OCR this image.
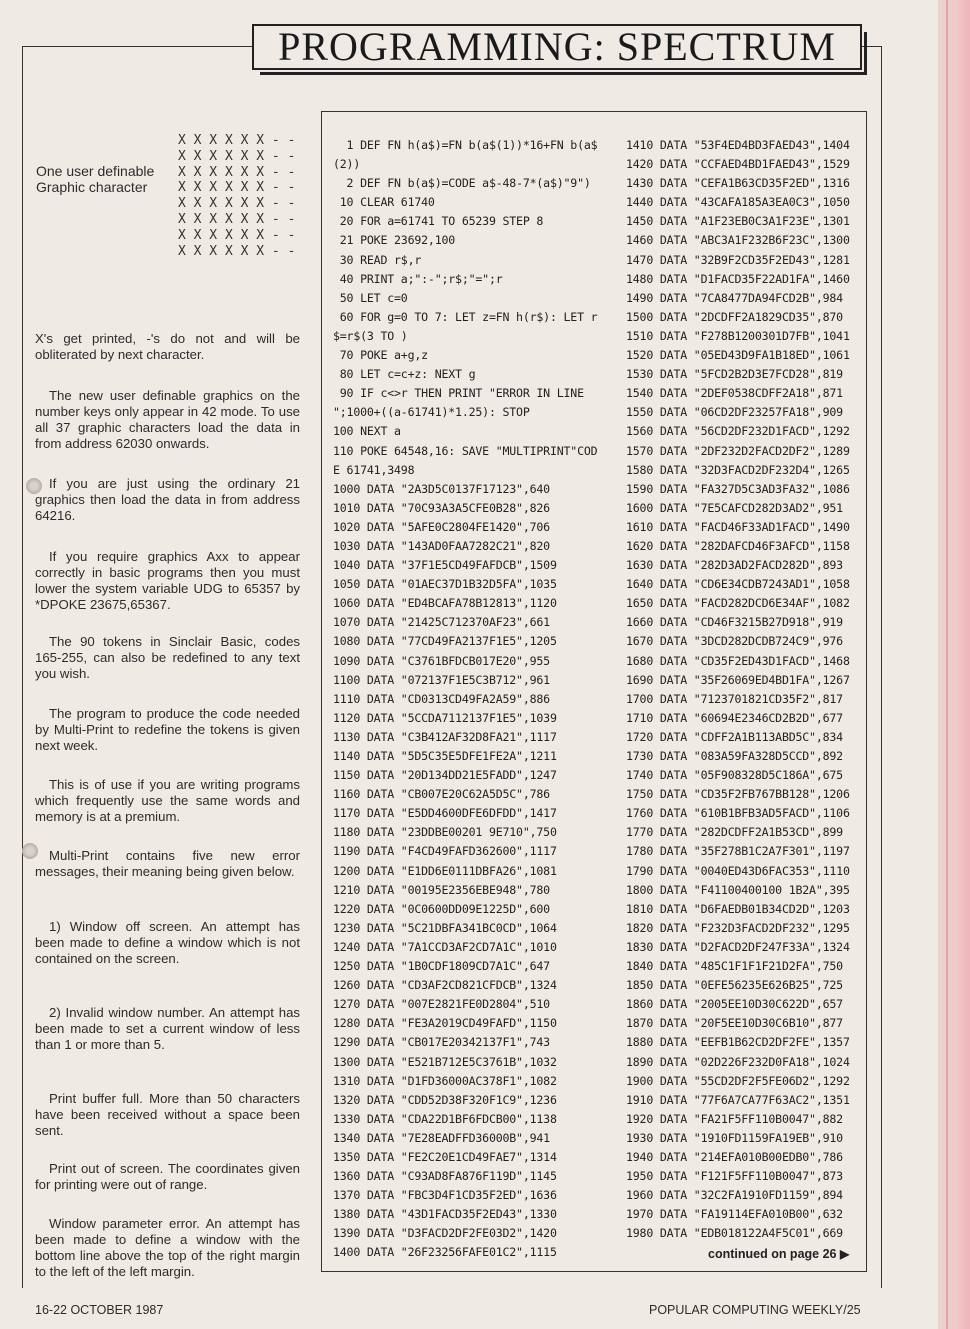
PROGRAMMING: SPECTRUM
X X X X X X - -
X X X X X X - -
X X X X X X - -
X X X X X X - -
X X X X X X - -
X X X X X X - -
X X X X X X - -
X X X X X X - -
One user definable Graphic character
X's get printed, -'s do not and will be obliterated by next character.
The new user definable graphics on the number keys only appear in 42 mode. To use all 37 graphic characters load the data in from address 62030 onwards.
If you are just using the ordinary 21 graphics then load the data in from address 64216.
If you require graphics Axx to appear correctly in basic programs then you must lower the system variable UDG to 65357 by *DPOKE 23675,65367.
The 90 tokens in Sinclair Basic, codes 165-255, can also be redefined to any text you wish.
The program to produce the code needed by Multi-Print to redefine the tokens is given next week.
This is of use if you are writing programs which frequently use the same words and memory is at a premium.
Multi-Print contains five new error messages, their meaning being given below.
1) Window off screen. An attempt has been made to define a window which is not contained on the screen.
2) Invalid window number. An attempt has been made to set a current window of less than 1 or more than 5.
Print buffer full. More than 50 characters have been received without a space been sent.
Print out of screen. The coordinates given for printing were out of range.
Window parameter error. An attempt has been made to define a window with the bottom line above the top of the right margin to the left of the left margin.
1 DEF FN h(a$)=FN b(a$(1))*16+FN b(a$
(2))
2 DEF FN b(a$)=CODE a$-48-7*(a$)"9")
10 CLEAR 61740
20 FOR a=61741 TO 65239 STEP 8
21 POKE 23692,100
30 READ r$,r
40 PRINT a;":-";r$;"=";r
50 LET c=0
60 FOR g=0 TO 7: LET z=FN h(r$): LET r
$=r$(3 TO )
70 POKE a+g,z
80 LET c=c+z: NEXT g
90 IF c<>r THEN PRINT "ERROR IN LINE
";1000+((a-61741)*1.25): STOP
100 NEXT a
110 POKE 64548,16: SAVE "MULTIPRINT"COD
E 61741,3498
1000 DATA "2A3D5C0137F17123",640
1010 DATA "70C93A3A5CFE0B28",826
1020 DATA "5AFE0C2804FE1420",706
1030 DATA "143AD0FAA7282C21",820
1040 DATA "37F1E5CD49FAFDCB",1509
1050 DATA "01AEC37D1B32D5FA",1035
1060 DATA "ED4BCAFA78B12813",1120
1070 DATA "21425C712370AF23",661
1080 DATA "77CD49FA2137F1E5",1205
1090 DATA "C3761BFDCB017E20",955
1100 DATA "072137F1E5C3B712",961
1110 DATA "CD0313CD49FA2A59",886
1120 DATA "5CCDA7112137F1E5",1039
1130 DATA "C3B412AF32D8FA21",1117
1140 DATA "5D5C35E5DFE1FE2A",1211
1150 DATA "20D134DD21E5FADD",1247
1160 DATA "CB007E20C62A5D5C",786
1170 DATA "E5DD4600DFE6DFDD",1417
1180 DATA "23DDBE00201 9E710",750
1190 DATA "F4CD49FAFD362600",1117
1200 DATA "E1DD6E0111DBFA26",1081
1210 DATA "00195E2356EBE948",780
1220 DATA "0C0600DD09E1225D",600
1230 DATA "5C21DBFA341BC0CD",1064
1240 DATA "7A1CCD3AF2CD7A1C",1010
1250 DATA "1B0CDF1809CD7A1C",647
1260 DATA "CD3AF2CD821CFDCB",1324
1270 DATA "007E2821FE0D2804",510
1280 DATA "FE3A2019CD49FAFD",1150
1290 DATA "CB017E20342137F1",743
1300 DATA "E521B712E5C3761B",1032
1310 DATA "D1FD36000AC378F1",1082
1320 DATA "CDD52D38F320F1C9",1236
1330 DATA "CDA22D1BF6FDCB00",1138
1340 DATA "7E28EADFFD36000B",941
1350 DATA "FE2C20E1CD49FAE7",1314
1360 DATA "C93AD8FA876F119D",1145
1370 DATA "FBC3D4F1CD35F2ED",1636
1380 DATA "43D1FACD35F2ED43",1330
1390 DATA "D3FACD2DF2FE03D2",1420
1400 DATA "26F23256FAFE01C2",1115
1410 DATA "53F4ED4BD3FAED43",1404
1420 DATA "CCFAED4BD1FAED43",1529
1430 DATA "CEFA1B63CD35F2ED",1316
1440 DATA "43CAFA185A3EA0C3",1050
1450 DATA "A1F23EB0C3A1F23E",1301
1460 DATA "ABC3A1F232B6F23C",1300
1470 DATA "32B9F2CD35F2ED43",1281
1480 DATA "D1FACD35F22AD1FA",1460
1490 DATA "7CA8477DA94FCD2B",984
1500 DATA "2DCDFF2A1829CD35",870
1510 DATA "F278B1200301D7FB",1041
1520 DATA "05ED43D9FA1B18ED",1061
1530 DATA "5FCD2B2D3E7FCD28",819
1540 DATA "2DEF0538CDFF2A18",871
1550 DATA "06CD2DF23257FA18",909
1560 DATA "56CD2DF232D1FACD",1292
1570 DATA "2DF232D2FACD2DF2",1289
1580 DATA "32D3FACD2DF232D4",1265
1590 DATA "FA327D5C3AD3FA32",1086
1600 DATA "7E5CAFCD282D3AD2",951
1610 DATA "FACD46F33AD1FACD",1490
1620 DATA "282DAFCD46F3AFCD",1158
1630 DATA "282D3AD2FACD282D",893
1640 DATA "CD6E34CDB7243AD1",1058
1650 DATA "FACD282DCD6E34AF",1082
1660 DATA "CD46F3215B27D918",919
1670 DATA "3DCD282DCDB724C9",976
1680 DATA "CD35F2ED43D1FACD",1468
1690 DATA "35F26069ED4BD1FA",1267
1700 DATA "7123701821CD35F2",817
1710 DATA "60694E2346CD2B2D",677
1720 DATA "CDFF2A1B113ABD5C",834
1730 DATA "083A59FA328D5CCD",892
1740 DATA "05F908328D5C186A",675
1750 DATA "CD35F2FB767BB128",1206
1760 DATA "610B1BFB3AD5FACD",1106
1770 DATA "282DCDFF2A1B53CD",899
1780 DATA "35F278B1C2A7F301",1197
1790 DATA "0040ED43D6FAC353",1110
1800 DATA "F41100400100 1B2A",395
1810 DATA "D6FAEDB01B34CD2D",1203
1820 DATA "F232D3FACD2DF232",1295
1830 DATA "D2FACD2DF247F33A",1324
1840 DATA "485C1F1F1F21D2FA",750
1850 DATA "0EFE56235E626B25",725
1860 DATA "2005EE10D30C622D",657
1870 DATA "20F5EE10D30C6B10",877
1880 DATA "EEFB1B62CD2DF2FE",1357
1890 DATA "02D226F232D0FA18",1024
1900 DATA "55CD2DF2F5FE06D2",1292
1910 DATA "77F6A7CA77F63AC2",1351
1920 DATA "FA21F5FF110B0047",882
1930 DATA "1910FD1159FA19EB",910
1940 DATA "214EFA010B00EDB0",786
1950 DATA "F121F5FF110B0047",873
1960 DATA "32C2FA1910FD1159",894
1970 DATA "FA19114EFA010B00",632
1980 DATA "EDB018122A4F5C01",669
continued on page 26 ▶
16-22 OCTOBER 1987	POPULAR COMPUTING WEEKLY/25
